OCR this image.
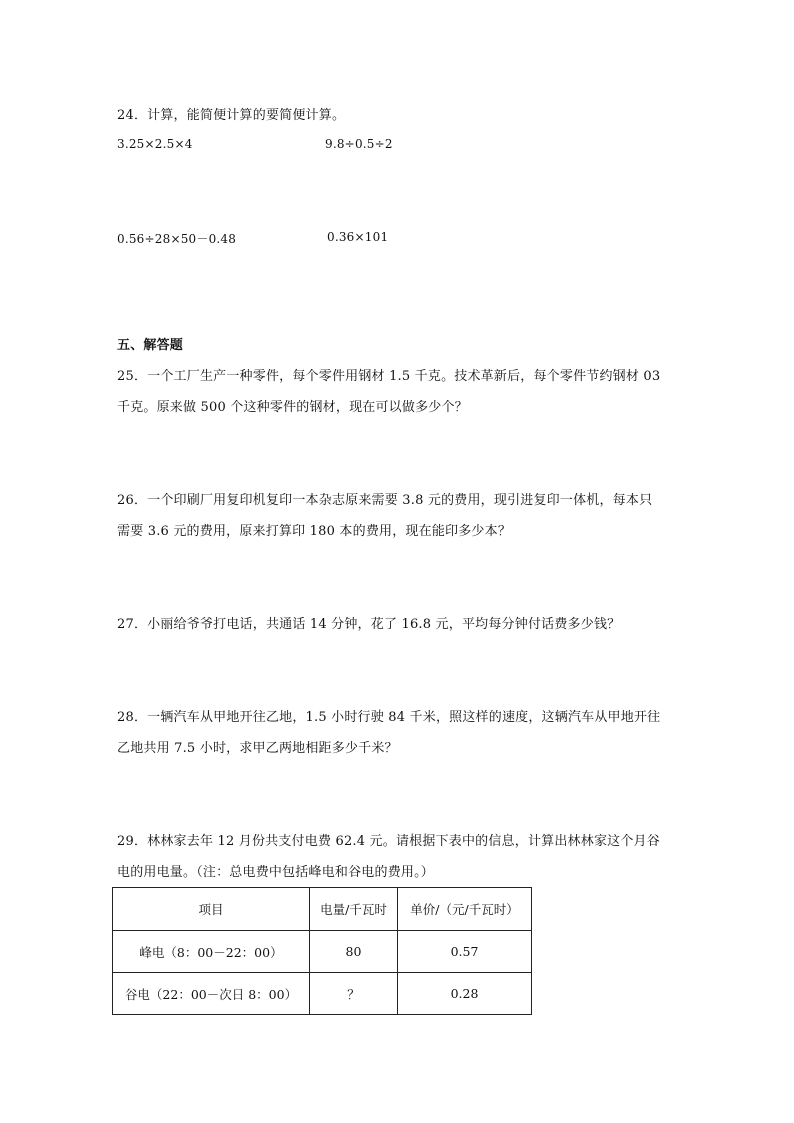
24．计算，能简便计算的要简便计算。
3.25×2.5×4	9.8÷0.5÷2
0.56÷28×50－0.48	0.36×101
五、解答题
25．一个工厂生产一种零件，每个零件用钢材 1.5 千克。技术革新后，每个零件节约钢材 03
千克。原来做 500 个这种零件的钢材，现在可以做多少个？
26．一个印刷厂用复印机复印一本杂志原来需要 3.8 元的费用，现引进复印一体机，每本只
需要 3.6 元的费用，原来打算印 180 本的费用，现在能印多少本？
27．小丽给爷爷打电话，共通话 14 分钟，花了 16.8 元，平均每分钟付话费多少钱？
28．一辆汽车从甲地开往乙地，1.5 小时行驶 84 千米，照这样的速度，这辆汽车从甲地开往
乙地共用 7.5 小时，求甲乙两地相距多少千米？
29．林林家去年 12 月份共支付电费 62.4 元。请根据下表中的信息，计算出林林家这个月谷
电的用电量。（注：总电费中包括峰电和谷电的费用。）
项目	电量/千瓦时	单价/（元/千瓦时）
峰电（8：00－22：00）	80	0.57
谷电（22：00－次日 8：00）	？	0.28
